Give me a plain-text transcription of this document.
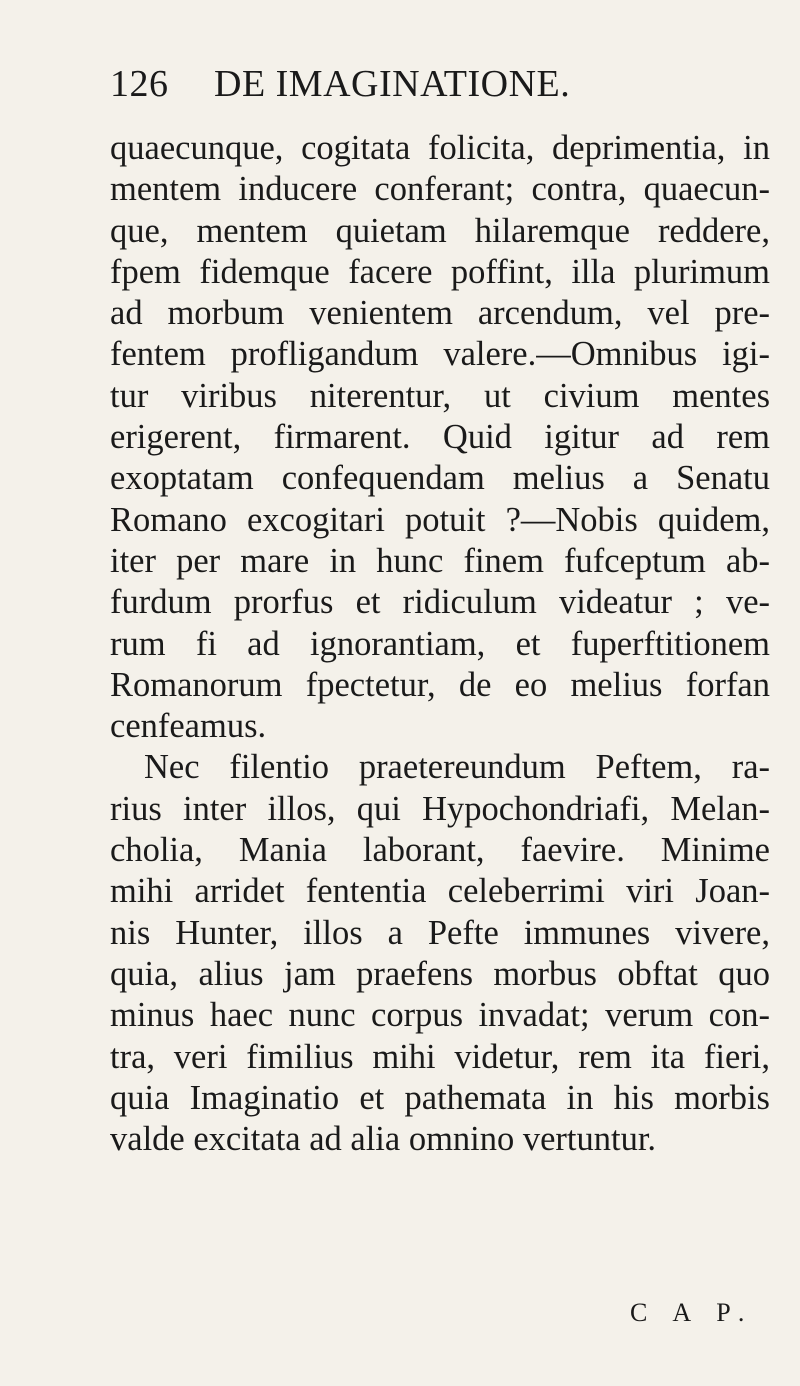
126 DE IMAGINATIONE.
quaecunque, cogitata folicita, deprimentia, in
mentem inducere conferant; contra, quaecun-
que, mentem quietam hilaremque reddere,
fpem fidemque facere poffint, illa plurimum
ad morbum venientem arcendum, vel pre-
fentem profligandum valere.—Omnibus igi-
tur viribus niterentur, ut civium mentes
erigerent, firmarent. Quid igitur ad rem
exoptatam confequendam melius a Senatu
Romano excogitari potuit ?—Nobis quidem,
iter per mare in hunc finem fufceptum ab-
furdum prorfus et ridiculum videatur ; ve-
rum fi ad ignorantiam, et fuperftitionem
Romanorum fpectetur, de eo melius forfan
cenfeamus.
Nec filentio praetereundum Peftem, ra-
rius inter illos, qui Hypochondriafi, Melan-
cholia, Mania laborant, faevire. Minime
mihi arridet fententia celeberrimi viri Joan-
nis Hunter, illos a Pefte immunes vivere,
quia, alius jam praefens morbus obftat quo
minus haec nunc corpus invadat; verum con-
tra, veri fimilius mihi videtur, rem ita fieri,
quia Imaginatio et pathemata in his morbis
valde excitata ad alia omnino vertuntur.
C A P.
